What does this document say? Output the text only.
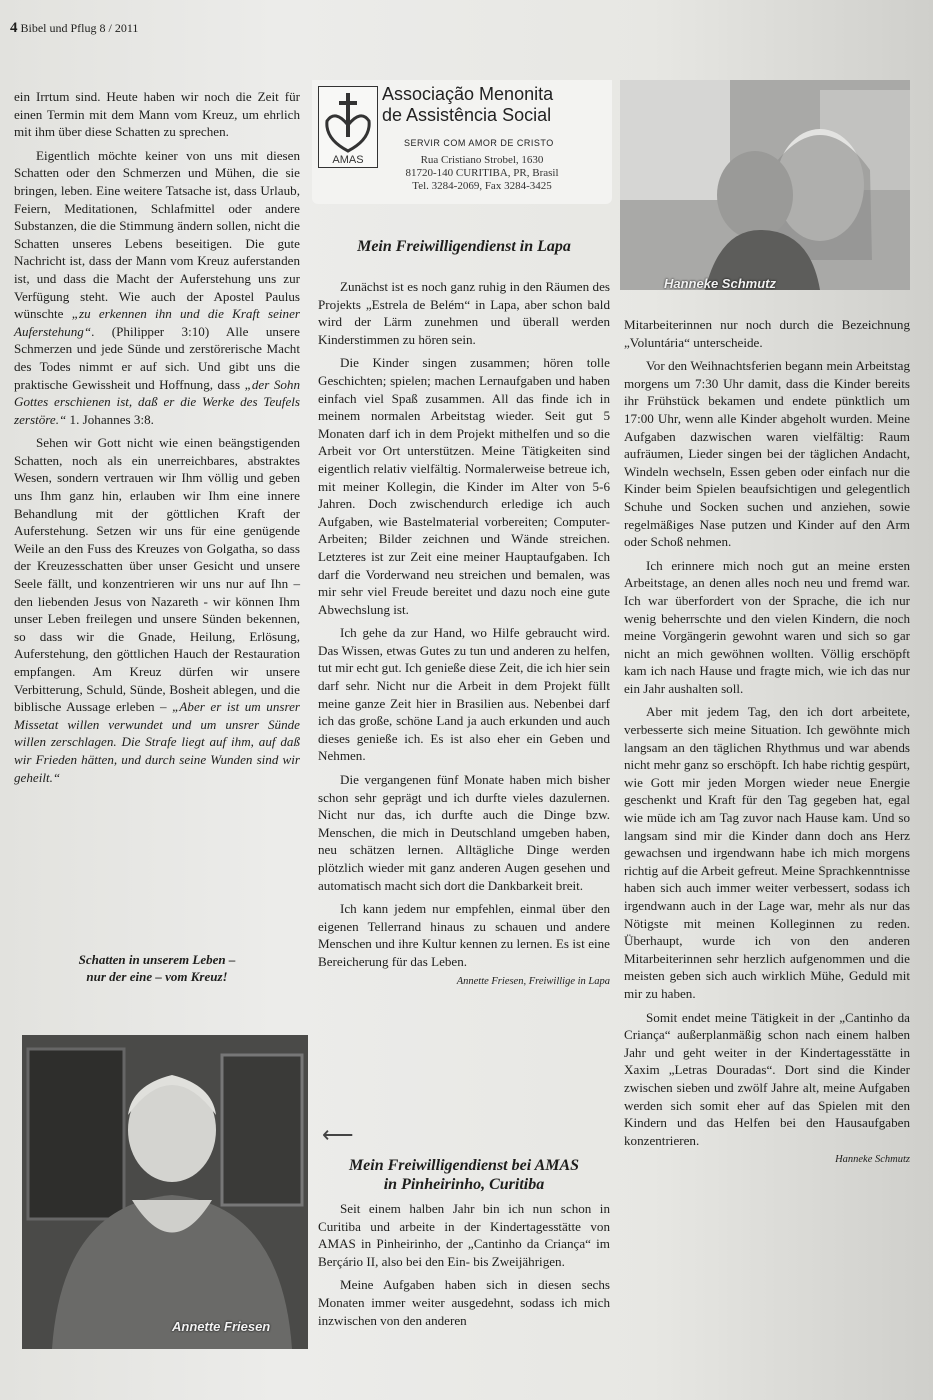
4 Bibel und Pflug 8 / 2011

ein Irrtum sind. Heute haben wir noch die Zeit für einen Termin mit dem Mann vom Kreuz, um ehrlich mit ihm über diese Schatten zu sprechen.

Eigentlich möchte keiner von uns mit diesen Schatten oder den Schmerzen und Mühen, die sie bringen, leben. Eine weitere Tatsache ist, dass Urlaub, Feiern, Meditationen, Schlafmittel oder andere Substanzen, die die Stimmung ändern sollen, nicht die Schatten unseres Lebens beseitigen. Die gute Nachricht ist, dass der Mann vom Kreuz auferstanden ist, und dass die Macht der Auferstehung uns zur Verfügung steht. Wie auch der Apostel Paulus wünschte „zu erkennen ihn und die Kraft seiner Auferstehung“. (Philipper 3:10) Alle unsere Schmerzen und jede Sünde und zerstörerische Macht des Todes nimmt er auf sich. Und gibt uns die praktische Gewissheit und Hoffnung, dass „der Sohn Gottes erschienen ist, daß er die Werke des Teufels zerstöre.“ 1. Johannes 3:8.

Sehen wir Gott nicht wie einen beängstigenden Schatten, noch als ein unerreichbares, abstraktes Wesen, sondern vertrauen wir Ihm völlig und geben uns Ihm ganz hin, erlauben wir Ihm eine innere Behandlung mit der göttlichen Kraft der Auferstehung. Setzen wir uns für eine genügende Weile an den Fuss des Kreuzes von Golgatha, so dass der Kreuzesschatten über unser Gesicht und unsere Seele fällt, und konzentrieren wir uns nur auf Ihn – den liebenden Jesus von Nazareth - wir können Ihm unser Leben freilegen und unsere Sünden bekennen, so dass wir die Gnade, Heilung, Erlösung, Auferstehung, den göttlichen Hauch der Restauration empfangen. Am Kreuz dürfen wir unsere Verbitterung, Schuld, Sünde, Bosheit ablegen, und die biblische Aussage erleben – „Aber er ist um unsrer Missetat willen verwundet und um unsrer Sünde willen zerschlagen. Die Strafe liegt auf ihm, auf daß wir Frieden hätten, und durch seine Wunden sind wir geheilt.“

Schatten in unserem Leben –
nur der eine – vom Kreuz!
Annette Friesen
AMAS
Associação Menonita
de Assistência Social
SERVIR COM AMOR DE CRISTO
Rua Cristiano Strobel, 1630
81720-140 CURITIBA, PR, Brasil
Tel. 3284-2069, Fax 3284-3425
Mein Freiwilligendienst in Lapa

Zunächst ist es noch ganz ruhig in den Räumen des Projekts „Estrela de Belém“ in Lapa, aber schon bald wird der Lärm zunehmen und überall werden Kinderstimmen zu hören sein.

Die Kinder singen zusammen; hören tolle Geschichten; spielen; machen Lernaufgaben und haben einfach viel Spaß zusammen. All das finde ich in meinem normalen Arbeitstag wieder. Seit gut 5 Monaten darf ich in dem Projekt mithelfen und so die Arbeit vor Ort unterstützen. Meine Tätigkeiten sind eigentlich relativ vielfältig. Normalerweise betreue ich, mit meiner Kollegin, die Kinder im Alter von 5-6 Jahren. Doch zwischendurch erledige ich auch Aufgaben, wie Bastelmaterial vorbereiten; Computer-Arbeiten; Bilder zeichnen und Wände streichen. Letzteres ist zur Zeit eine meiner Hauptaufgaben. Ich darf die Vorderwand neu streichen und bemalen, was mir sehr viel Freude bereitet und dazu noch eine gute Abwechslung ist.

Ich gehe da zur Hand, wo Hilfe gebraucht wird. Das Wissen, etwas Gutes zu tun und anderen zu helfen, tut mir echt gut. Ich genieße diese Zeit, die ich hier sein darf sehr. Nicht nur die Arbeit in dem Projekt füllt meine ganze Zeit hier in Brasilien aus. Nebenbei darf ich das große, schöne Land ja auch erkunden und auch dieses genieße ich. Es ist also eher ein Geben und Nehmen.

Die vergangenen fünf Monate haben mich bisher schon sehr geprägt und ich durfte vieles dazulernen. Nicht nur das, ich durfte auch die Dinge bzw. Menschen, die mich in Deutschland umgeben haben, neu schätzen lernen. Alltägliche Dinge werden plötzlich wieder mit ganz anderen Augen gesehen und automatisch macht sich dort die Dankbarkeit breit.

Ich kann jedem nur empfehlen, einmal über den eigenen Tellerrand hinaus zu schauen und andere Menschen und ihre Kultur kennen zu lernen. Es ist eine Bereicherung für das Leben.

Annette Friesen, Freiwillige in Lapa
⟵
Mein Freiwilligendienst bei AMAS
in Pinheirinho, Curitiba

Seit einem halben Jahr bin ich nun schon in Curitiba und arbeite in der Kindertagesstätte von AMAS in Pinheirinho, der „Cantinho da Criança“ im Berçário II, also bei den Ein- bis Zweijährigen.

Meine Aufgaben haben sich in diesen sechs Monaten immer weiter ausgedehnt, sodass ich mich inzwischen von den anderen

Hanneke Schmutz

Mitarbeiterinnen nur noch durch die Bezeichnung „Voluntária“ unterscheide.

Vor den Weihnachtsferien begann mein Arbeitstag morgens um 7:30 Uhr damit, dass die Kinder bereits ihr Frühstück bekamen und endete pünktlich um 17:00 Uhr, wenn alle Kinder abgeholt wurden. Meine Aufgaben dazwischen waren vielfältig: Raum aufräumen, Lieder singen bei der täglichen Andacht, Windeln wechseln, Essen geben oder einfach nur die Kinder beim Spielen beaufsichtigen und gelegentlich Schuhe und Socken suchen und anziehen, sowie regelmäßiges Nase putzen und Kinder auf den Arm oder Schoß nehmen.

Ich erinnere mich noch gut an meine ersten Arbeitstage, an denen alles noch neu und fremd war. Ich war überfordert von der Sprache, die ich nur wenig beherrschte und den vielen Kindern, die noch meine Vorgängerin gewohnt waren und sich so gar nicht an mich gewöhnen wollten. Völlig erschöpft kam ich nach Hause und fragte mich, wie ich das nur ein Jahr aushalten soll.

Aber mit jedem Tag, den ich dort arbeitete, verbesserte sich meine Situation. Ich gewöhnte mich langsam an den täglichen Rhythmus und war abends nicht mehr ganz so erschöpft. Ich habe richtig gespürt, wie Gott mir jeden Morgen wieder neue Energie geschenkt und Kraft für den Tag gegeben hat, egal wie müde ich am Tag zuvor nach Hause kam. Und so langsam sind mir die Kinder dann doch ans Herz gewachsen und irgendwann habe ich mich morgens richtig auf die Arbeit gefreut. Meine Sprachkenntnisse haben sich auch immer weiter verbessert, sodass ich irgendwann auch in der Lage war, mehr als nur das Nötigste mit meinen Kolleginnen zu reden. Überhaupt, wurde ich von den anderen Mitarbeiterinnen sehr herzlich aufgenommen und die meisten geben sich auch wirklich Mühe, Geduld mit mir zu haben.

Somit endet meine Tätigkeit in der „Cantinho da Criança“ außerplanmäßig schon nach einem halben Jahr und geht weiter in der Kindertagesstätte in Xaxim „Letras Douradas“. Dort sind die Kinder zwischen sieben und zwölf Jahre alt, meine Aufgaben werden sich somit eher auf das Spielen mit den Kindern und das Helfen bei den Hausaufgaben konzentrieren.

Hanneke Schmutz
